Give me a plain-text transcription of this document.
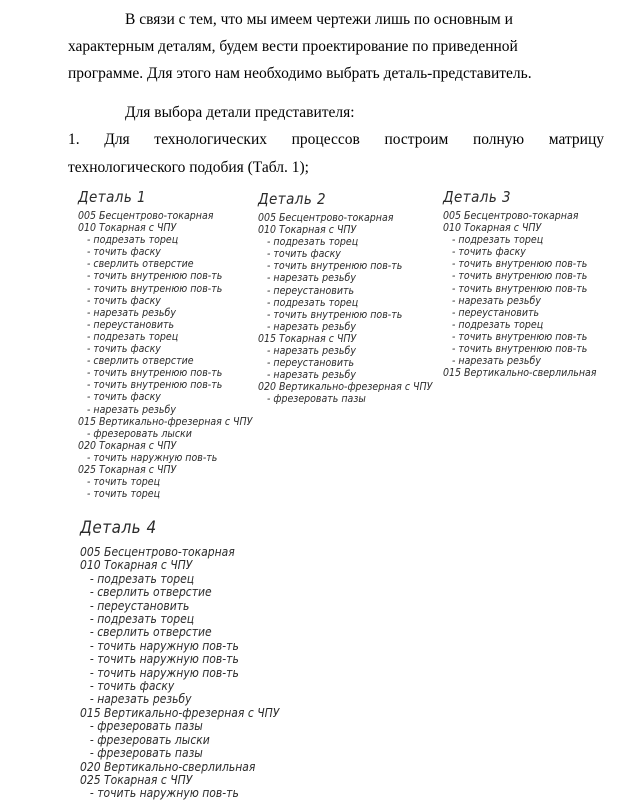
В связи с тем, что мы имеем чертежи лишь по основным и

характерным деталям, будем вести проектирование по приведенной

программе. Для этого нам необходимо выбрать деталь-представитель.

Для выбора детали представителя:

1. Для технологических процессов построим полную матрицу

технологического подобия (Табл. 1);

Деталь 1
005 Бесцентрово-токарная
010 Токарная с ЧПУ
- подрезать торец
- точить фаску
- сверлить отверстие
- точить внутренюю пов-ть
- точить внутренюю пов-ть
- точить фаску
- нарезать резьбу
- переустановить
- подрезать торец
- точить фаску
- сверлить отверстие
- точить внутренюю пов-ть
- точить внутренюю пов-ть
- точить фаску
- нарезать резьбу
015 Вертикально-фрезерная с ЧПУ
- фрезеровать лыски
020 Токарная с ЧПУ
- точить наружную пов-ть
025 Токарная с ЧПУ
- точить торец
- точить торец
Деталь 2
005 Бесцентрово-токарная
010 Токарная с ЧПУ
- подрезать торец
- точить фаску
- точить внутренюю пов-ть
- нарезать резьбу
- переустановить
- подрезать торец
- точить внутренюю пов-ть
- нарезать резьбу
015 Токарная с ЧПУ
- нарезать резьбу
- переустановить
- нарезать резьбу
020 Вертикально-фрезерная с ЧПУ
- фрезеровать пазы
Деталь 3
005 Бесцентрово-токарная
010 Токарная с ЧПУ
- подрезать торец
- точить фаску
- точить внутренюю пов-ть
- точить внутренюю пов-ть
- точить внутренюю пов-ть
- нарезать резьбу
- переустановить
- подрезать торец
- точить внутренюю пов-ть
- точить внутренюю пов-ть
- нарезать резьбу
015 Вертикально-сверлильная
Деталь 4
005 Бесцентрово-токарная
010 Токарная с ЧПУ
- подрезать торец
- сверлить отверстие
- переустановить
- подрезать торец
- сверлить отверстие
- точить наружную пов-ть
- точить наружную пов-ть
- точить наружную пов-ть
- точить фаску
- нарезать резьбу
015 Вертикально-фрезерная с ЧПУ
- фрезеровать пазы
- фрезеровать лыски
- фрезеровать пазы
020 Вертикально-сверлильная
025 Токарная с ЧПУ
- точить наружную пов-ть
